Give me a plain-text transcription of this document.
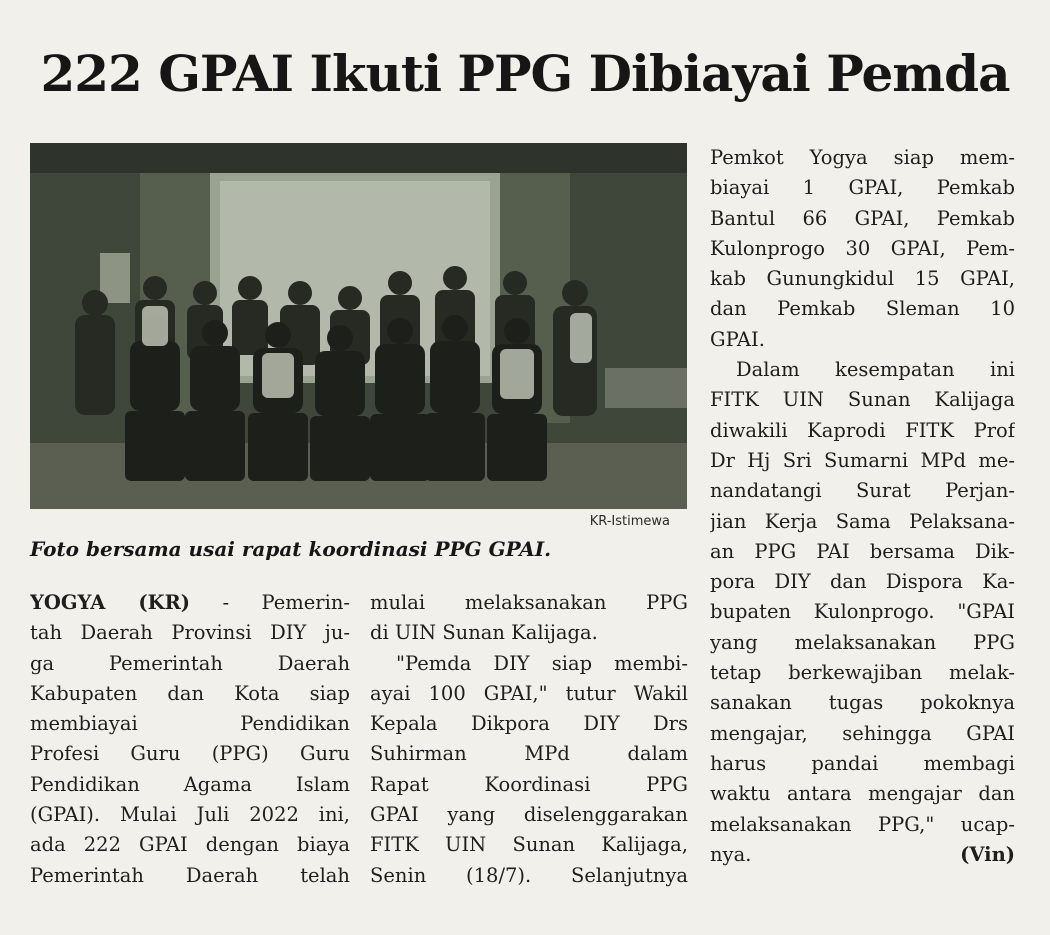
222 GPAI Ikuti PPG Dibiayai Pemda
KR-Istimewa
Foto bersama usai rapat koordinasi PPG GPAI.
YOGYA (KR) - Pemerin-
tah Daerah Provinsi DIY ju-
ga Pemerintah Daerah
Kabupaten dan Kota siap
membiayai Pendidikan
Profesi Guru (PPG) Guru
Pendidikan Agama Islam
(GPAI). Mulai Juli 2022 ini,
ada 222 GPAI dengan biaya
Pemerintah Daerah telah
mulai melaksanakan PPG
di UIN Sunan Kalijaga.
"Pemda DIY siap membi-
ayai 100 GPAI," tutur Wakil
Kepala Dikpora DIY Drs
Suhirman MPd dalam
Rapat Koordinasi PPG
GPAI yang diselenggarakan
FITK UIN Sunan Kalijaga,
Senin (18/7). Selanjutnya
Pemkot Yogya siap mem-
biayai 1 GPAI, Pemkab
Bantul 66 GPAI, Pemkab
Kulonprogo 30 GPAI, Pem-
kab Gunungkidul 15 GPAI,
dan Pemkab Sleman 10
GPAI.
Dalam kesempatan ini
FITK UIN Sunan Kalijaga
diwakili Kaprodi FITK Prof
Dr Hj Sri Sumarni MPd me-
nandatangi Surat Perjan-
jian Kerja Sama Pelaksana-
an PPG PAI bersama Dik-
pora DIY dan Dispora Ka-
bupaten Kulonprogo. "GPAI
yang melaksanakan PPG
tetap berkewajiban melak-
sanakan tugas pokoknya
mengajar, sehingga GPAI
harus pandai membagi
waktu antara mengajar dan
melaksanakan PPG," ucap-
nya.	(Vin)
